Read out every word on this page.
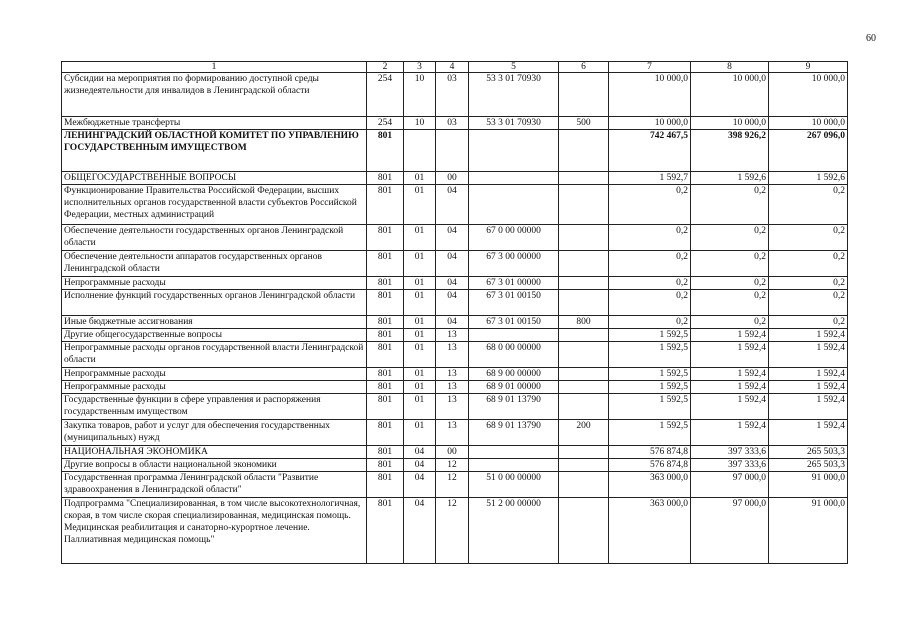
60
1	2	3	4	5	6	7	8	9
Субсидии на мероприятия по формированию доступной среды жизнедеятельности для инвалидов в Ленинградской области	254	10	03	53 3 01 70930		10 000,0	10 000,0	10 000,0
Межбюджетные трансферты	254	10	03	53 3 01 70930	500	10 000,0	10 000,0	10 000,0
ЛЕНИНГРАДСКИЙ ОБЛАСТНОЙ КОМИТЕТ ПО УПРАВЛЕНИЮ ГОСУДАРСТВЕННЫМ ИМУЩЕСТВОМ	801					742 467,5	398 926,2	267 096,0
ОБЩЕГОСУДАРСТВЕННЫЕ ВОПРОСЫ	801	01	00			1 592,7	1 592,6	1 592,6
Функционирование Правительства Российской Федерации, высших исполнительных органов государственной власти субъектов Российской Федерации, местных администраций	801	01	04			0,2	0,2	0,2
Обеспечение деятельности государственных органов Ленинградской области	801	01	04	67 0 00 00000		0,2	0,2	0,2
Обеспечение деятельности аппаратов государственных органов Ленинградской области	801	01	04	67 3 00 00000		0,2	0,2	0,2
Непрограммные расходы	801	01	04	67 3 01 00000		0,2	0,2	0,2
Исполнение функций государственных органов Ленинградской области	801	01	04	67 3 01 00150		0,2	0,2	0,2
Иные бюджетные ассигнования	801	01	04	67 3 01 00150	800	0,2	0,2	0,2
Другие общегосударственные вопросы	801	01	13			1 592,5	1 592,4	1 592,4
Непрограммные расходы органов государственной власти Ленинградской области	801	01	13	68 0 00 00000		1 592,5	1 592,4	1 592,4
Непрограммные расходы	801	01	13	68 9 00 00000		1 592,5	1 592,4	1 592,4
Непрограммные расходы	801	01	13	68 9 01 00000		1 592,5	1 592,4	1 592,4
Государственные функции в сфере управления и распоряжения государственным имуществом	801	01	13	68 9 01 13790		1 592,5	1 592,4	1 592,4
Закупка товаров, работ и услуг для обеспечения государственных (муниципальных) нужд	801	01	13	68 9 01 13790	200	1 592,5	1 592,4	1 592,4
НАЦИОНАЛЬНАЯ ЭКОНОМИКА	801	04	00			576 874,8	397 333,6	265 503,3
Другие вопросы в области национальной экономики	801	04	12			576 874,8	397 333,6	265 503,3
Государственная программа Ленинградской области "Развитие здравоохранения в Ленинградской области"	801	04	12	51 0 00 00000		363 000,0	97 000,0	91 000,0
Подпрограмма "Специализированная, в том числе высокотехнологичная, скорая, в том числе скорая специализированная, медицинская помощь. Медицинская реабилитация и санаторно-курортное лечение. Паллиативная медицинская помощь"	801	04	12	51 2 00 00000		363 000,0	97 000,0	91 000,0
